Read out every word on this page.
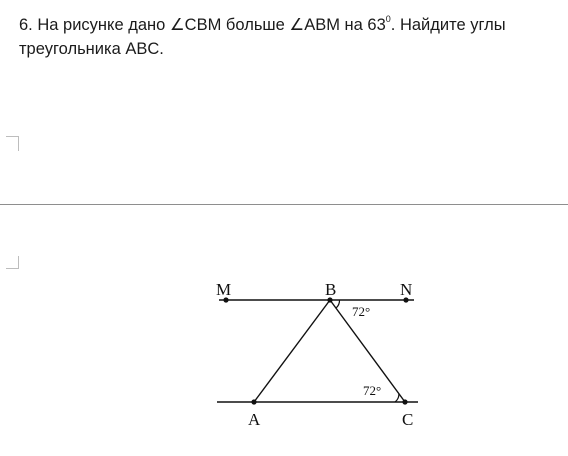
6. На рисунке дано ∠CBM больше ∠ABM на $63^0$. Найдите углы треугольника ABC.

M	B	N
A	C
72°
72°
